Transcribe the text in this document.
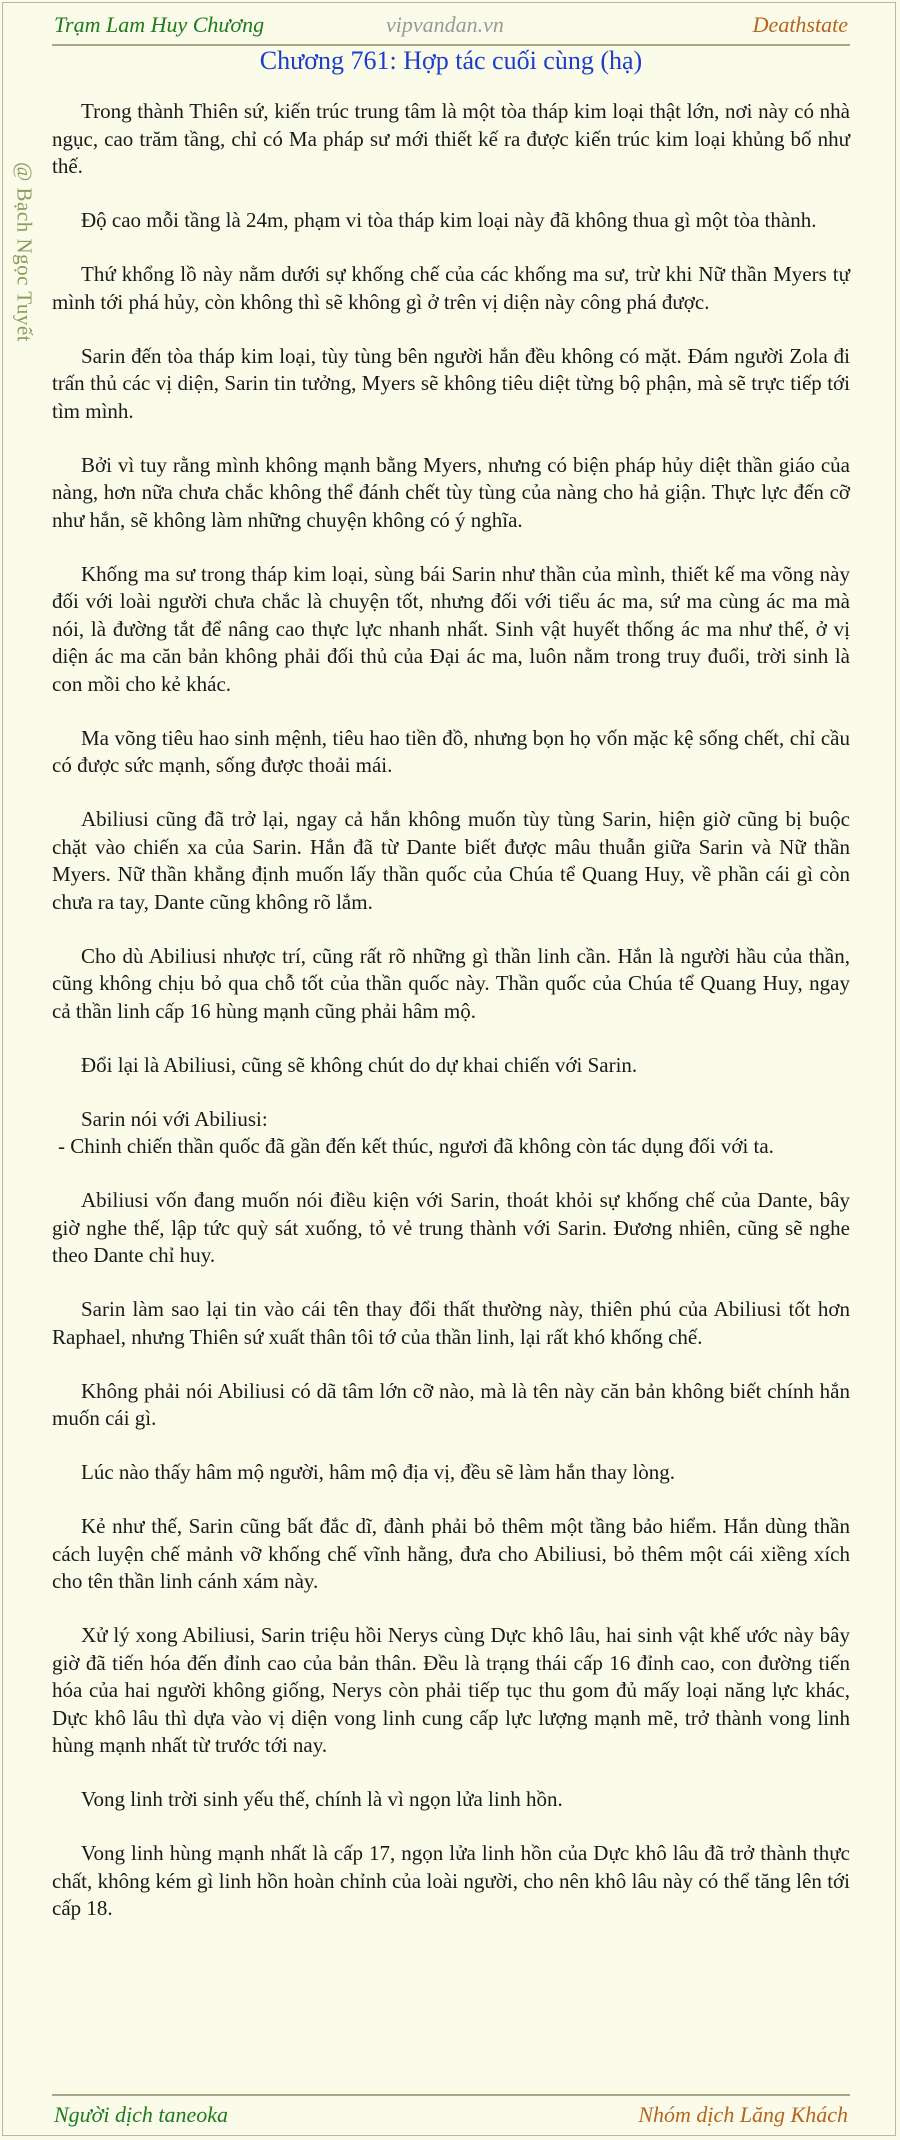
@ Bạch Ngọc Tuyết
Trạm Lam Huy Chương	vipvandan.vn	Deathstate
Chương 761: Hợp tác cuối cùng (hạ)

Trong thành Thiên sứ, kiến trúc trung tâm là một tòa tháp kim loại thật lớn, nơi này có nhà ngục, cao trăm tầng, chỉ có Ma pháp sư mới thiết kế ra được kiến trúc kim loại khủng bố như thế.

Độ cao mỗi tầng là 24m, phạm vi tòa tháp kim loại này đã không thua gì một tòa thành.

Thứ khổng lồ này nằm dưới sự khống chế của các khống ma sư, trừ khi Nữ thần Myers tự mình tới phá hủy, còn không thì sẽ không gì ở trên vị diện này công phá được.

Sarin đến tòa tháp kim loại, tùy tùng bên người hắn đều không có mặt. Đám người Zola đi trấn thủ các vị diện, Sarin tin tưởng, Myers sẽ không tiêu diệt từng bộ phận, mà sẽ trực tiếp tới tìm mình.

Bởi vì tuy rằng mình không mạnh bằng Myers, nhưng có biện pháp hủy diệt thần giáo của nàng, hơn nữa chưa chắc không thể đánh chết tùy tùng của nàng cho hả giận. Thực lực đến cỡ như hắn, sẽ không làm những chuyện không có ý nghĩa.

Khống ma sư trong tháp kim loại, sùng bái Sarin như thần của mình, thiết kế ma võng này đối với loài người chưa chắc là chuyện tốt, nhưng đối với tiểu ác ma, sứ ma cùng ác ma mà nói, là đường tắt để nâng cao thực lực nhanh nhất. Sinh vật huyết thống ác ma như thế, ở vị diện ác ma căn bản không phải đối thủ của Đại ác ma, luôn nằm trong truy đuổi, trời sinh là con mồi cho kẻ khác.

Ma võng tiêu hao sinh mệnh, tiêu hao tiền đồ, nhưng bọn họ vốn mặc kệ sống chết, chỉ cầu có được sức mạnh, sống được thoải mái.

Abiliusi cũng đã trở lại, ngay cả hắn không muốn tùy tùng Sarin, hiện giờ cũng bị buộc chặt vào chiến xa của Sarin. Hắn đã từ Dante biết được mâu thuẫn giữa Sarin và Nữ thần Myers. Nữ thần khẳng định muốn lấy thần quốc của Chúa tể Quang Huy, về phần cái gì còn chưa ra tay, Dante cũng không rõ lắm.

Cho dù Abiliusi nhược trí, cũng rất rõ những gì thần linh cần. Hắn là người hầu của thần, cũng không chịu bỏ qua chỗ tốt của thần quốc này. Thần quốc của Chúa tể Quang Huy, ngay cả thần linh cấp 16 hùng mạnh cũng phải hâm mộ.

Đổi lại là Abiliusi, cũng sẽ không chút do dự khai chiến với Sarin.

Sarin nói với Abiliusi:

- Chinh chiến thần quốc đã gần đến kết thúc, ngươi đã không còn tác dụng đối với ta.

Abiliusi vốn đang muốn nói điều kiện với Sarin, thoát khỏi sự khống chế của Dante, bây giờ nghe thế, lập tức quỳ sát xuống, tỏ vẻ trung thành với Sarin. Đương nhiên, cũng sẽ nghe theo Dante chỉ huy.

Sarin làm sao lại tin vào cái tên thay đổi thất thường này, thiên phú của Abiliusi tốt hơn Raphael, nhưng Thiên sứ xuất thân tôi tớ của thần linh, lại rất khó khống chế.

Không phải nói Abiliusi có dã tâm lớn cỡ nào, mà là tên này căn bản không biết chính hắn muốn cái gì.

Lúc nào thấy hâm mộ người, hâm mộ địa vị, đều sẽ làm hắn thay lòng.

Kẻ như thế, Sarin cũng bất đắc dĩ, đành phải bỏ thêm một tầng bảo hiểm. Hắn dùng thần cách luyện chế mảnh vỡ khống chế vĩnh hằng, đưa cho Abiliusi, bỏ thêm một cái xiềng xích cho tên thần linh cánh xám này.

Xử lý xong Abiliusi, Sarin triệu hồi Nerys cùng Dực khô lâu, hai sinh vật khế ước này bây giờ đã tiến hóa đến đỉnh cao của bản thân. Đều là trạng thái cấp 16 đỉnh cao, con đường tiến hóa của hai người không giống, Nerys còn phải tiếp tục thu gom đủ mấy loại năng lực khác, Dực khô lâu thì dựa vào vị diện vong linh cung cấp lực lượng mạnh mẽ, trở thành vong linh hùng mạnh nhất từ trước tới nay.

Vong linh trời sinh yếu thế, chính là vì ngọn lửa linh hồn.

Vong linh hùng mạnh nhất là cấp 17, ngọn lửa linh hồn của Dực khô lâu đã trở thành thực chất, không kém gì linh hồn hoàn chỉnh của loài người, cho nên khô lâu này có thể tăng lên tới cấp 18.

Người dịch taneoka	Nhóm dịch Lăng Khách
